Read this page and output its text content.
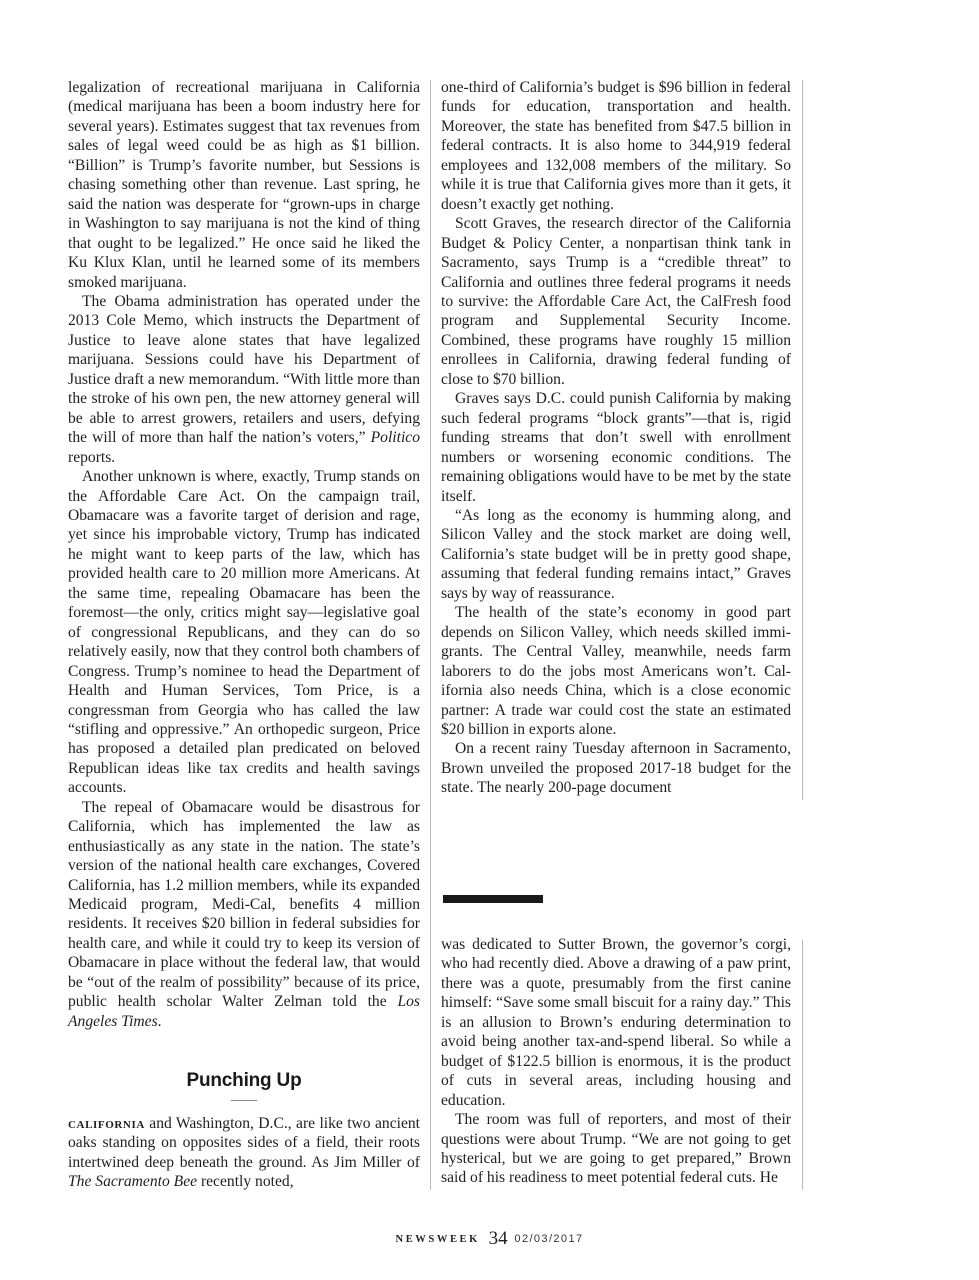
legalization of recreational marijuana in California (medical marijuana has been a boom industry here for several years). Estimates suggest that tax revenues from sales of legal weed could be as high as $1 billion. “Billion” is Trump’s favorite number, but Sessions is chasing something other than revenue. Last spring, he said the nation was desperate for “grown-ups in charge in Washington to say marijuana is not the kind of thing that ought to be legalized.” He once said he liked the Ku Klux Klan, until he learned some of its members smoked marijuana.

The Obama administration has operated under the 2013 Cole Memo, which instructs the Department of Justice to leave alone states that have legalized marijuana. Sessions could have his Department of Justice draft a new memorandum. “With little more than the stroke of his own pen, the new attorney general will be able to arrest growers, retailers and users, defying the will of more than half the nation’s voters,” Politico reports.

Another unknown is where, exactly, Trump stands on the Affordable Care Act. On the campaign trail, Obamacare was a favorite target of derision and rage, yet since his improbable victory, Trump has indicated he might want to keep parts of the law, which has provided health care to 20 million more Americans. At the same time, repealing Obamacare has been the foremost—the only, critics might say—legislative goal of congressional Republicans, and they can do so relatively easily, now that they control both chambers of Congress. Trump’s nominee to head the Department of Health and Human Services, Tom Price, is a congressman from Georgia who has called the law “stifling and oppressive.” An orthopedic surgeon, Price has proposed a detailed plan predicated on beloved Republican ideas like tax credits and health savings accounts.

The repeal of Obamacare would be disastrous for California, which has implemented the law as enthusiastically as any state in the nation. The state’s version of the national health care exchanges, Covered California, has 1.2 million members, while its expanded Medicaid program, Medi-Cal, benefits 4 million residents. It receives $20 billion in federal subsidies for health care, and while it could try to keep its version of Obamacare in place without the federal law, that would be “out of the realm of possibility” because of its price, public health scholar Walter Zelman told the Los Angeles Times.

Punching Up

california and Washington, D.C., are like two ancient oaks standing on opposites sides of a field, their roots intertwined deep beneath the ground. As Jim Miller of The Sacramento Bee recently noted,

one-third of California’s budget is $96 billion in federal funds for education, transportation and health. Moreover, the state has benefited from $47.5 billion in federal contracts. It is also home to 344,919 federal employees and 132,008 members of the military. So while it is true that California gives more than it gets, it doesn’t exactly get nothing.

Scott Graves, the research director of the California Budget & Policy Center, a nonpartisan think tank in Sacramento, says Trump is a “credible threat” to California and outlines three federal programs it needs to survive: the Affordable Care Act, the CalFresh food program and Supplemental Security Income. Combined, these programs have roughly 15 million enrollees in California, drawing federal funding of close to $70 billion.

Graves says D.C. could punish California by making such federal programs “block grants”—that is, rigid funding streams that don’t swell with enrollment numbers or worsening economic conditions. The remaining obligations would have to be met by the state itself.

“As long as the economy is humming along, and Silicon Valley and the stock market are doing well, California’s state budget will be in pretty good shape, assuming that federal funding remains intact,” Graves says by way of reassurance.

The health of the state’s economy in good part depends on Silicon Valley, which needs skilled immigrants. The Central Valley, meanwhile, needs farm laborers to do the jobs most Americans won’t. California also needs China, which is a close economic partner: A trade war could cost the state an estimated $20 billion in exports alone.

On a recent rainy Tuesday afternoon in Sacramento, Brown unveiled the proposed 2017-18 budget for the state. The nearly 200-page document

was dedicated to Sutter Brown, the governor’s corgi, who had recently died. Above a drawing of a paw print, there was a quote, presumably from the first canine himself: “Save some small biscuit for a rainy day.” This is an allusion to Brown’s enduring determination to avoid being another tax-and-spend liberal. So while a budget of $122.5 billion is enormous, it is the product of cuts in several areas, including housing and education.

The room was full of reporters, and most of their questions were about Trump. “We are not going to get hysterical, but we are going to get prepared,” Brown said of his readiness to meet potential federal cuts. He

NEWSWEEK 34 02/03/2017
